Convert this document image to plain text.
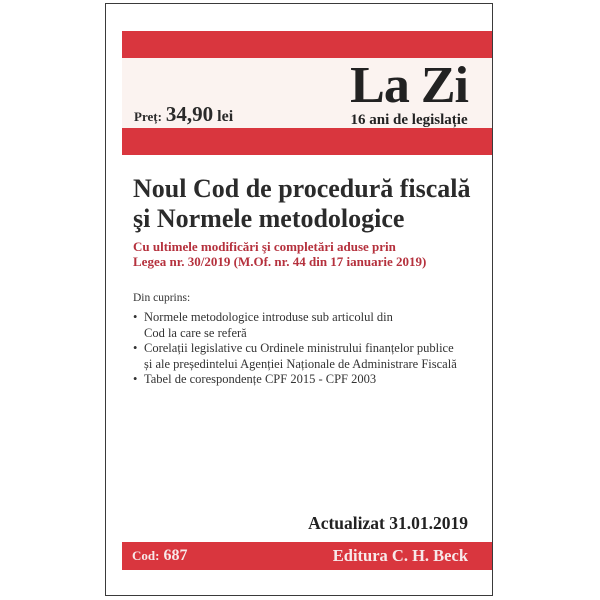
Preț: 34,90 lei
La Zi
16 ani de legislație
Noul Cod de procedură fiscală
şi Normele metodologice
Cu ultimele modificări şi completări aduse prin
Legea nr. 30/2019 (M.Of. nr. 44 din 17 ianuarie 2019)
Din cuprins:
• Normele metodologice introduse sub articolul din
Cod la care se referă
• Corelații legislative cu Ordinele ministrului finanțelor publice
și ale președintelui Agenției Naționale de Administrare Fiscală
• Tabel de corespondențe CPF 2015 - CPF 2003
Actualizat 31.01.2019
Cod: 687	Editura C. H. Beck
